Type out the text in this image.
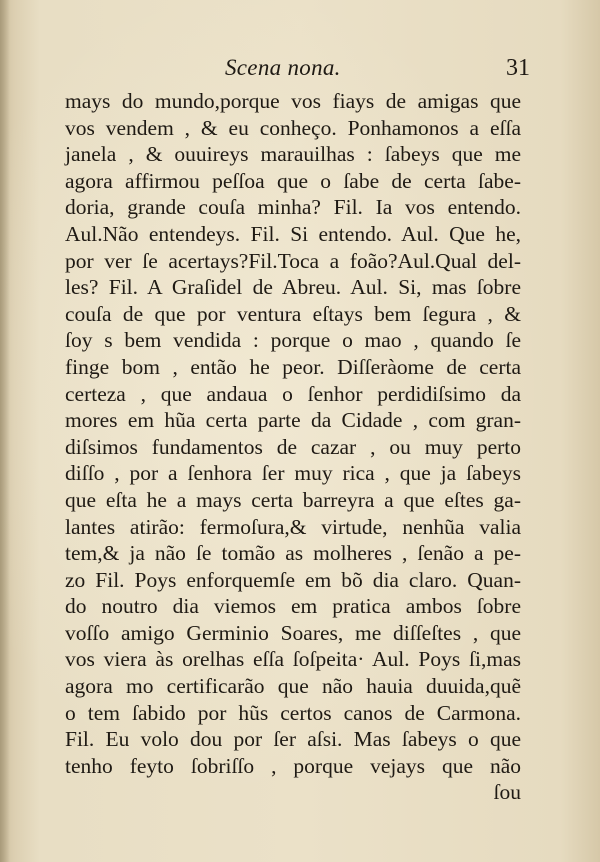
Scena nona.	31
mays do mundo,porque vos fiays de amigas que
vos vendem , & eu conheço. Ponhamonos a eſſa
janela , & ouuireys marauilhas : ſabeys que me
agora affirmou peſſoa que o ſabe de certa ſabe-
doria, grande couſa minha? Fil. Ia vos entendo.
Aul.Não entendeys. Fil. Si entendo. Aul. Que he,
por ver ſe acertays?Fil.Toca a foão?Aul.Qual del-
les? Fil. A Graſidel de Abreu. Aul. Si, mas ſobre
couſa de que por ventura eſtays bem ſegura , &
ſoy s bem vendida : porque o mao , quando ſe
finge bom , então he peor. Diſſeràome de certa
certeza , que andaua o ſenhor perdidiſsimo da
mores em hũa certa parte da Cidade , com gran-
diſsimos fundamentos de cazar , ou muy perto
diſſo , por a ſenhora ſer muy rica , que ja ſabeys
que eſta he a mays certa barreyra a que eſtes ga-
lantes atirão: fermoſura,& virtude, nenhũa valia
tem,& ja não ſe tomão as molheres , ſenão a pe-
zo Fil. Poys enforquemſe em bõ dia claro. Quan-
do noutro dia viemos em pratica ambos ſobre
voſſo amigo Germinio Soares, me diſſeſtes , que
vos viera às orelhas eſſa ſoſpeita· Aul. Poys ſi,mas
agora mo certificarão que não hauia duuida,quẽ
o tem ſabido por hũs certos canos de Carmona.
Fil. Eu volo dou por ſer aſsi. Mas ſabeys o que
tenho feyto ſobriſſo , porque vejays que não
ſou
